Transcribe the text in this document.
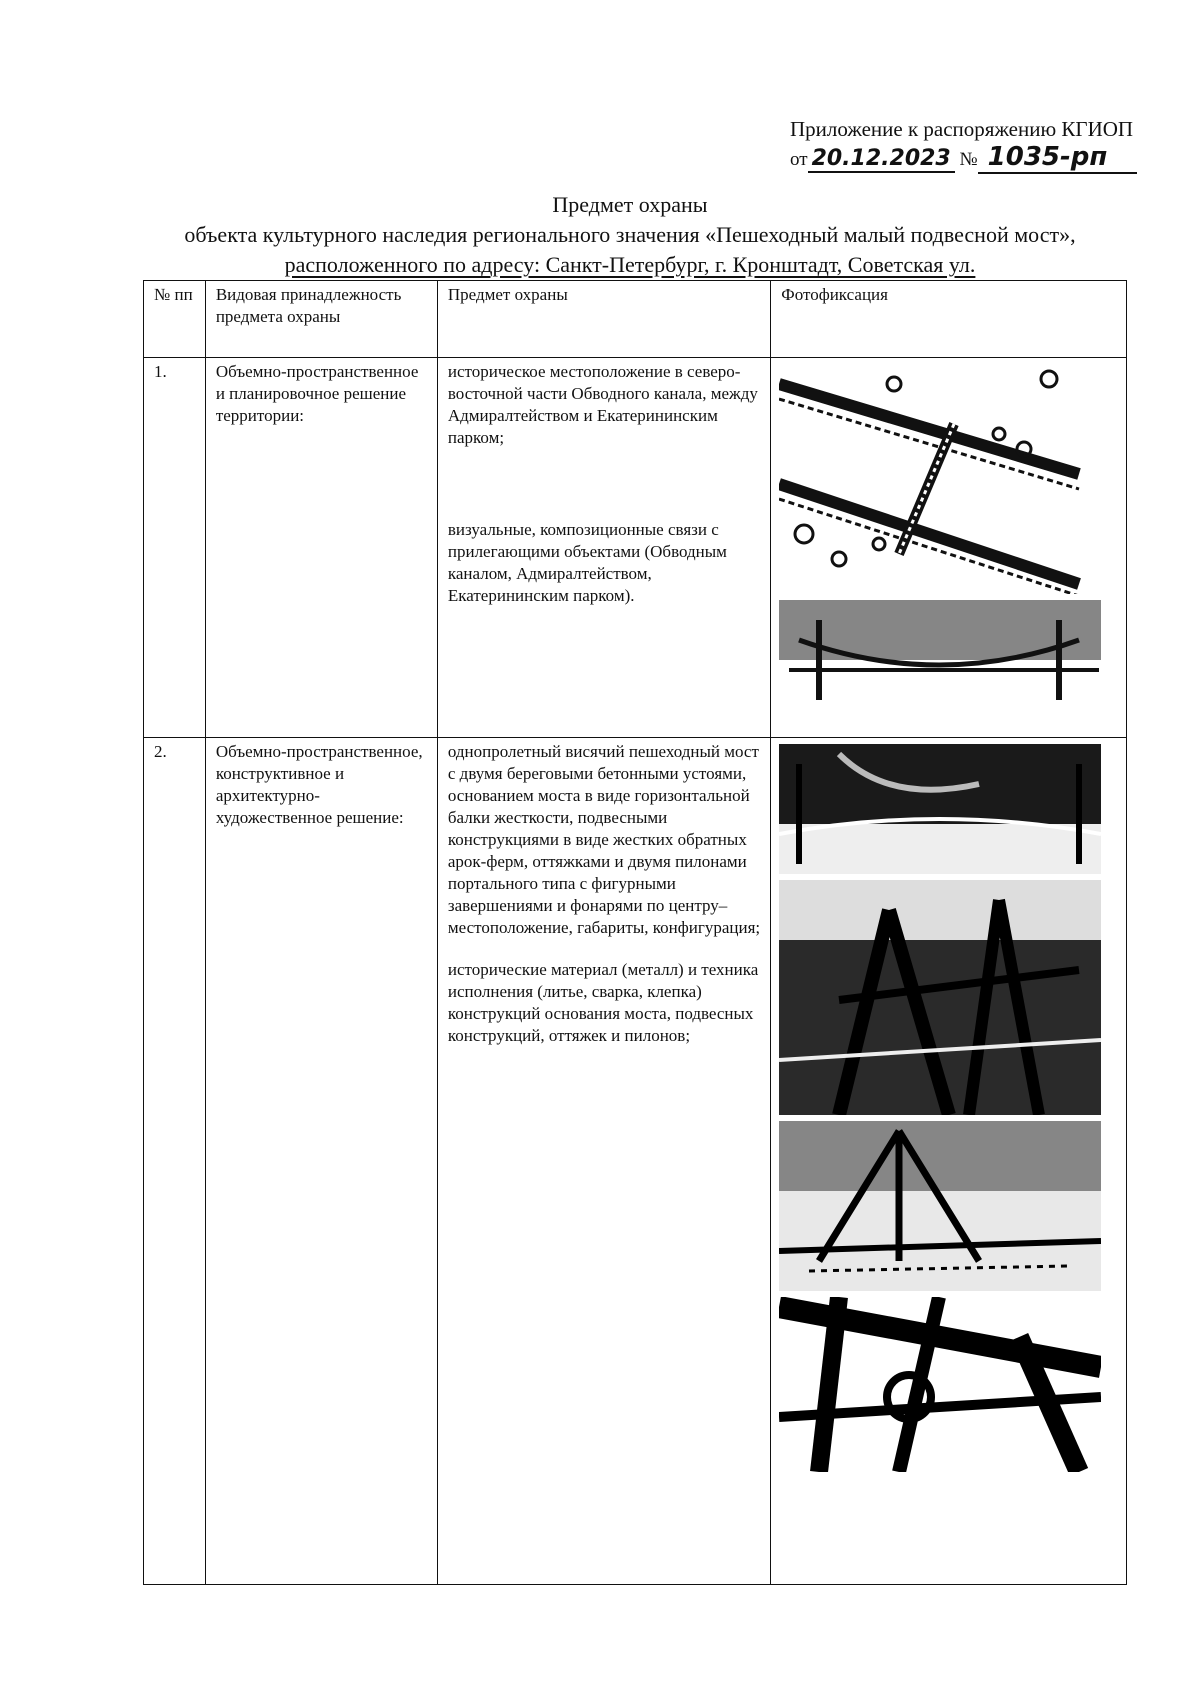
Приложение к распоряжению КГИОП
от 20.12.2023 № 1035-рп
Предмет охраны
объекта культурного наследия регионального значения «Пешеходный малый подвесной мост»,
расположенного по адресу: Санкт-Петербург, г. Кронштадт, Советская ул.
№ пп	Видовая принадлежность предмета охраны	Предмет охраны	Фотофиксация
1.	Объемно-пространственное и планировочное решение территории:	историческое местоположение в северо-восточной части Обводного канала, между Адмиралтейством и Екатерининским парком;
визуальные, композиционные связи с прилегающими объектами (Обводным каналом, Адмиралтейством, Екатерининским парком).

2.	Объемно-пространственное, конструктивное и архитектурно-художественное решение:	однопролетный висячий пешеходный мост с двумя береговыми бетонными устоями, основанием моста в виде горизонтальной балки жесткости, подвесными конструкциями в виде жестких обратных арок-ферм, оттяжками и двумя пилонами портального типа с фигурными завершениями и фонарями по центру– местоположение, габариты, конфигурация;
исторические материал (металл) и техника исполнения (литье, сварка, клепка) конструкций основания моста, подвесных конструкций, оттяжек и пилонов;
